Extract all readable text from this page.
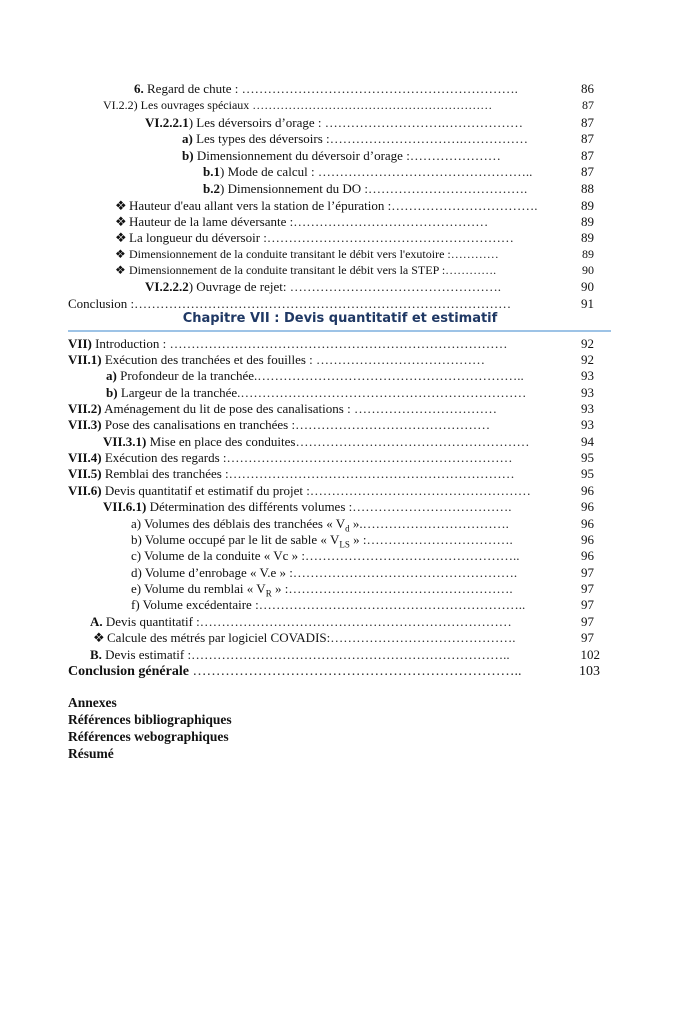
6. Regard de chute : ……………………………………………………….	86
VI.2.2) Les ouvrages spéciaux ……………………………………………………	87
VI.2.2.1) Les déversoirs d’orage : ……………………….………………	87
a) Les types des déversoirs :………………………….……………	87
b) Dimensionnement du déversoir d’orage :…………………	87
b.1) Mode de calcul : …………………………………………..	87
b.2) Dimensionnement du DO :……………………………….	88
❖ Hauteur d'eau allant vers la station de l’épuration :…………………………….	89
❖ Hauteur de la lame déversante :………………………………………	89
❖ La longueur du déversoir :…………………………………………………	89
❖ Dimensionnement de la conduite transitant le débit vers l'exutoire :…………	89
❖ Dimensionnement de la conduite transitant le débit vers la STEP :………….	90
VI.2.2.2) Ouvrage de rejet: ………………………………………….	90
Conclusion :……………………………………………………………………………	91
Chapitre VII : Devis quantitatif et estimatif
VII) Introduction : ……………………………………………………………………	92
VII.1) Exécution des tranchées et des fouilles : …………………………………	92
a) Profondeur de la tranchée.……………………………………………………..	93
b) Largeur de la tranchée.…………………………………………………………	93
VII.2) Aménagement du lit de pose des canalisations : ……………………………	93
VII.3) Pose des canalisations en tranchées :………………………………………	93
VII.3.1) Mise en place des conduites………………………………………………	94
VII.4) Exécution des regards :…………………………………………………………	95
VII.5) Remblai des tranchées :…………………………………………………………	95
VII.6) Devis quantitatif et estimatif du projet :……………………………………………	96
VII.6.1) Détermination des différents volumes :……………………………….	96
a) Volumes des déblais des tranchées « $V_d$ ».…………………………….	96
b) Volume occupé par le lit de sable « $V_{LS}$ » :…………………………….	96
c) Volume de la conduite « Vc » :…………………………………………..	96
d) Volume d’enrobage « V.e » :…………………………………………….	97
e) Volume du remblai « $V_R$ » :…………………………………………….	97
f) Volume excédentaire :……………………………………………………..	97
A. Devis quantitatif :………………………………………………………………	97
❖ Calcule des métrés par logiciel COVADIS:…………………………………….	97
B. Devis estimatif :………………………………………………………………..	102
Conclusion générale ……………………………………………………………..	103
Annexes
Références bibliographiques
Références webographiques
Résumé
